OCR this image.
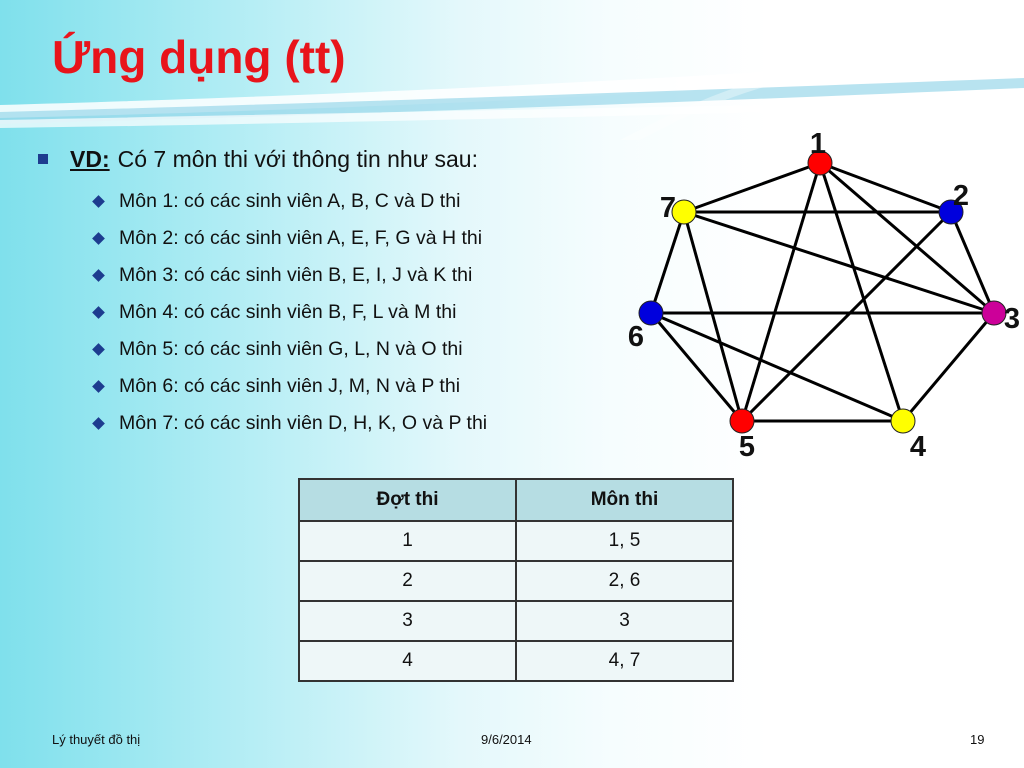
Ứng dụng (tt)
VD: Có 7 môn thi với thông tin như sau:
Môn 1: có các sinh viên A, B, C và D thi
Môn 2: có các sinh viên A, E, F, G và H thi
Môn 3: có các sinh viên B, E, I, J và K thi
Môn 4: có các sinh viên B, F, L và M thi
Môn 5: có các sinh viên G, L, N và O thi
Môn 6: có các sinh viên J, M, N và P thi
Môn 7: có các sinh viên D, H, K, O và P thi
1
2
3
4
5
6
7
Đợt thi	Môn thi
1	1, 5
2	2, 6
3	3
4	4, 7
Lý thuyết đồ thị	9/6/2014	19
